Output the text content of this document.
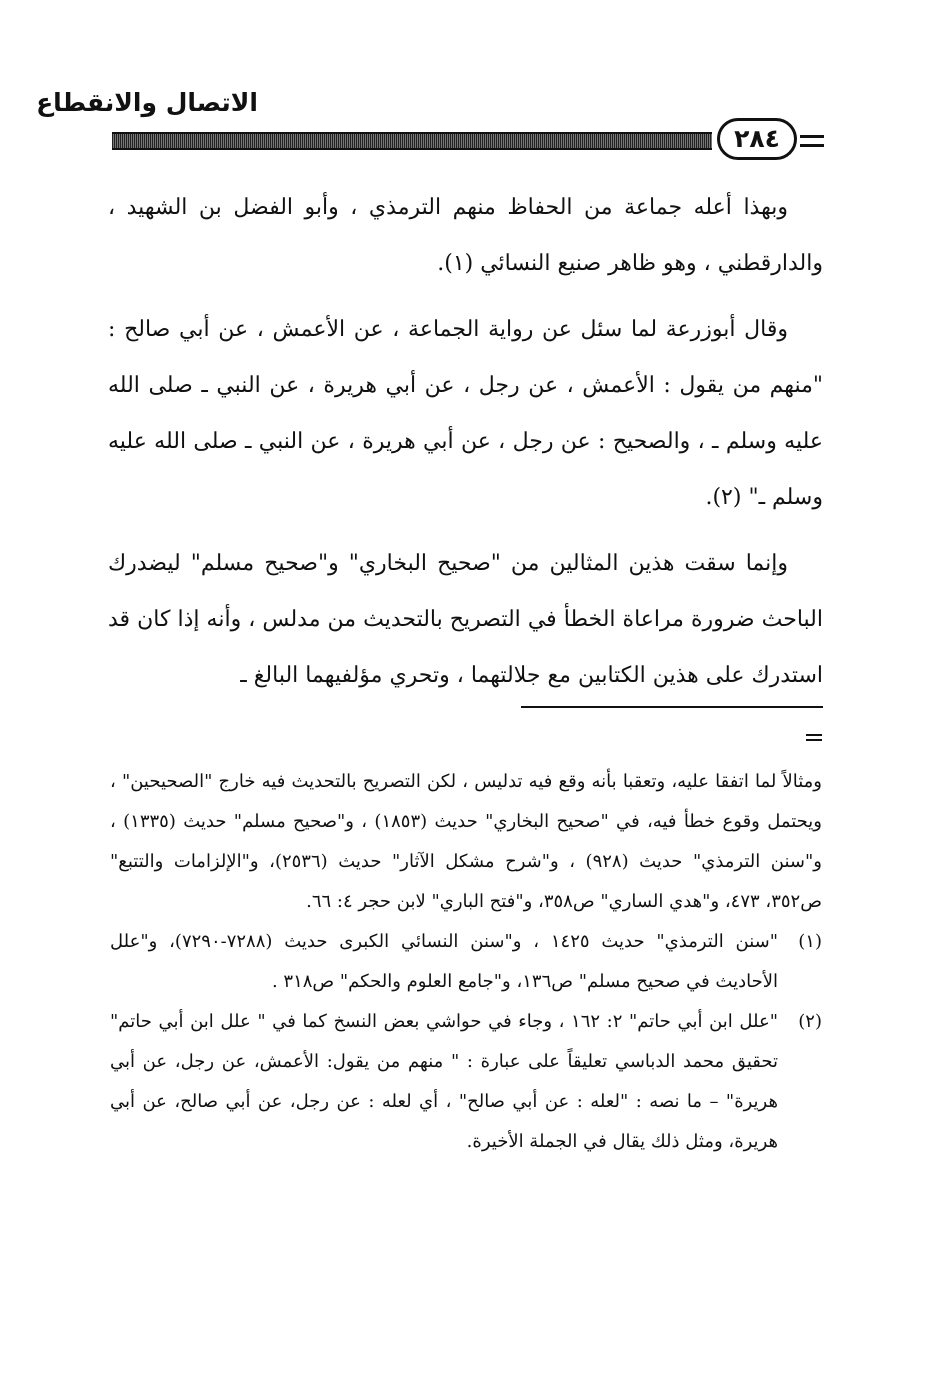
الاتصال والانقطاع
٢٨٤

وبهذا أعله جماعة من الحفاظ منهم الترمذي ، وأبو الفضل بن الشهيد ، والدارقطني ، وهو ظاهر صنيع النسائي (١).

وقال أبوزرعة لما سئل عن رواية الجماعة ، عن الأعمش ، عن أبي صالح : "منهم من يقول : الأعمش ، عن رجل ، عن أبي هريرة ، عن النبي ـ صلى الله عليه وسلم ـ ، والصحيح : عن رجل ، عن أبي هريرة ، عن النبي ـ صلى الله عليه وسلم ـ" (٢).

وإنما سقت هذين المثالين من "صحيح البخاري" و"صحيح مسلم" ليضدرك الباحث ضرورة مراعاة الخطأ في التصريح بالتحديث من مدلس ، وأنه إذا كان قد استدرك على هذين الكتابين مع جلالتهما ، وتحري مؤلفيهما البالغ ـ

ومثالاً لما اتفقا عليه، وتعقبا بأنه وقع فيه تدليس ، لكن التصريح بالتحديث فيه خارج "الصحيحين" ، ويحتمل وقوع خطأ فيه، في "صحيح البخاري" حديث (١٨٥٣) ، و"صحيح مسلم" حديث (١٣٣٥) ، و"سنن الترمذي" حديث (٩٢٨) ، و"شرح مشكل الآثار" حديث (٢٥٣٦)، و"الإلزامات والتتبع" ص٣٥٢، ٤٧٣، و"هدي الساري" ص٣٥٨، و"فتح الباري" لابن حجر ٤: ٦٦.

(١)
"سنن الترمذي" حديث ١٤٢٥ ، و"سنن النسائي الكبرى حديث (٧٢٨٨-٧٢٩٠)، و"علل الأحاديث في صحيح مسلم" ص١٣٦، و"جامع العلوم والحكم" ص٣١٨ .
(٢)
"علل ابن أبي حاتم" ٢: ١٦٢ ، وجاء في حواشي بعض النسخ كما في " علل ابن أبي حاتم" تحقيق محمد الدباسي تعليقاً على عبارة : " منهم من يقول: الأعمش، عن رجل، عن أبي هريرة" – ما نصه : "لعله : عن أبي صالح" ، أي لعله : عن رجل، عن أبي صالح، عن أبي هريرة، ومثل ذلك يقال في الجملة الأخيرة.
